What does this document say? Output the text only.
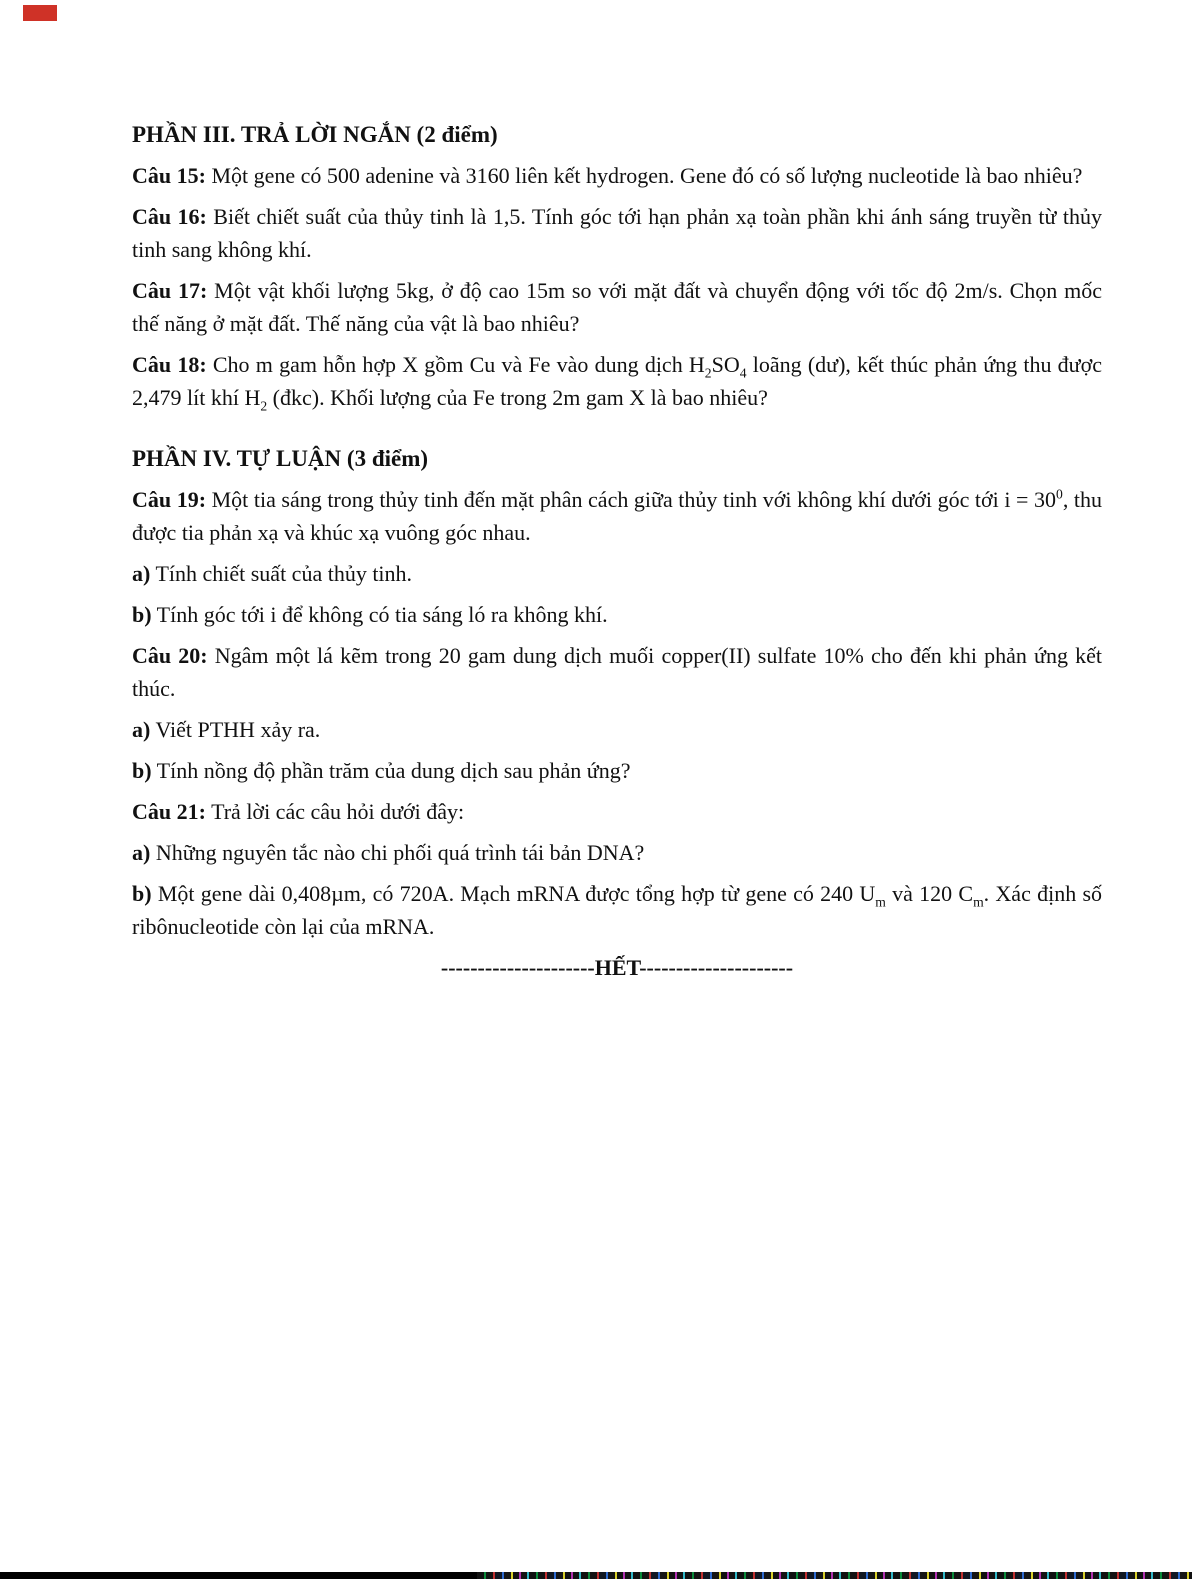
PHẦN III. TRẢ LỜI NGẮN (2 điểm)

Câu 15: Một gene có 500 adenine và 3160 liên kết hydrogen. Gene đó có số lượng nucleotide là bao nhiêu?

Câu 16: Biết chiết suất của thủy tinh là 1,5. Tính góc tới hạn phản xạ toàn phần khi ánh sáng truyền từ thủy tinh sang không khí.

Câu 17: Một vật khối lượng 5kg, ở độ cao 15m so với mặt đất và chuyển động với tốc độ 2m/s. Chọn mốc thế năng ở mặt đất. Thế năng của vật là bao nhiêu?

Câu 18: Cho m gam hỗn hợp X gồm Cu và Fe vào dung dịch $H_2SO_4$ loãng (dư), kết thúc phản ứng thu được 2,479 lít khí $H_2$ (đkc). Khối lượng của Fe trong 2m gam X là bao nhiêu?

PHẦN IV. TỰ LUẬN (3 điểm)

Câu 19: Một tia sáng trong thủy tinh đến mặt phân cách giữa thủy tinh với không khí dưới góc tới $i = 30^0$, thu được tia phản xạ và khúc xạ vuông góc nhau.

a) Tính chiết suất của thủy tinh.

b) Tính góc tới i để không có tia sáng ló ra không khí.

Câu 20: Ngâm một lá kẽm trong 20 gam dung dịch muối copper(II) sulfate 10% cho đến khi phản ứng kết thúc.

a) Viết PTHH xảy ra.

b) Tính nồng độ phần trăm của dung dịch sau phản ứng?

Câu 21: Trả lời các câu hỏi dưới đây:

a) Những nguyên tắc nào chi phối quá trình tái bản DNA?

b) Một gene dài 0,408µm, có 720A. Mạch mRNA được tổng hợp từ gene có 240 $U_m$ và 120 $C_m$. Xác định số ribônucleotide còn lại của mRNA.

---------------------HẾT---------------------
